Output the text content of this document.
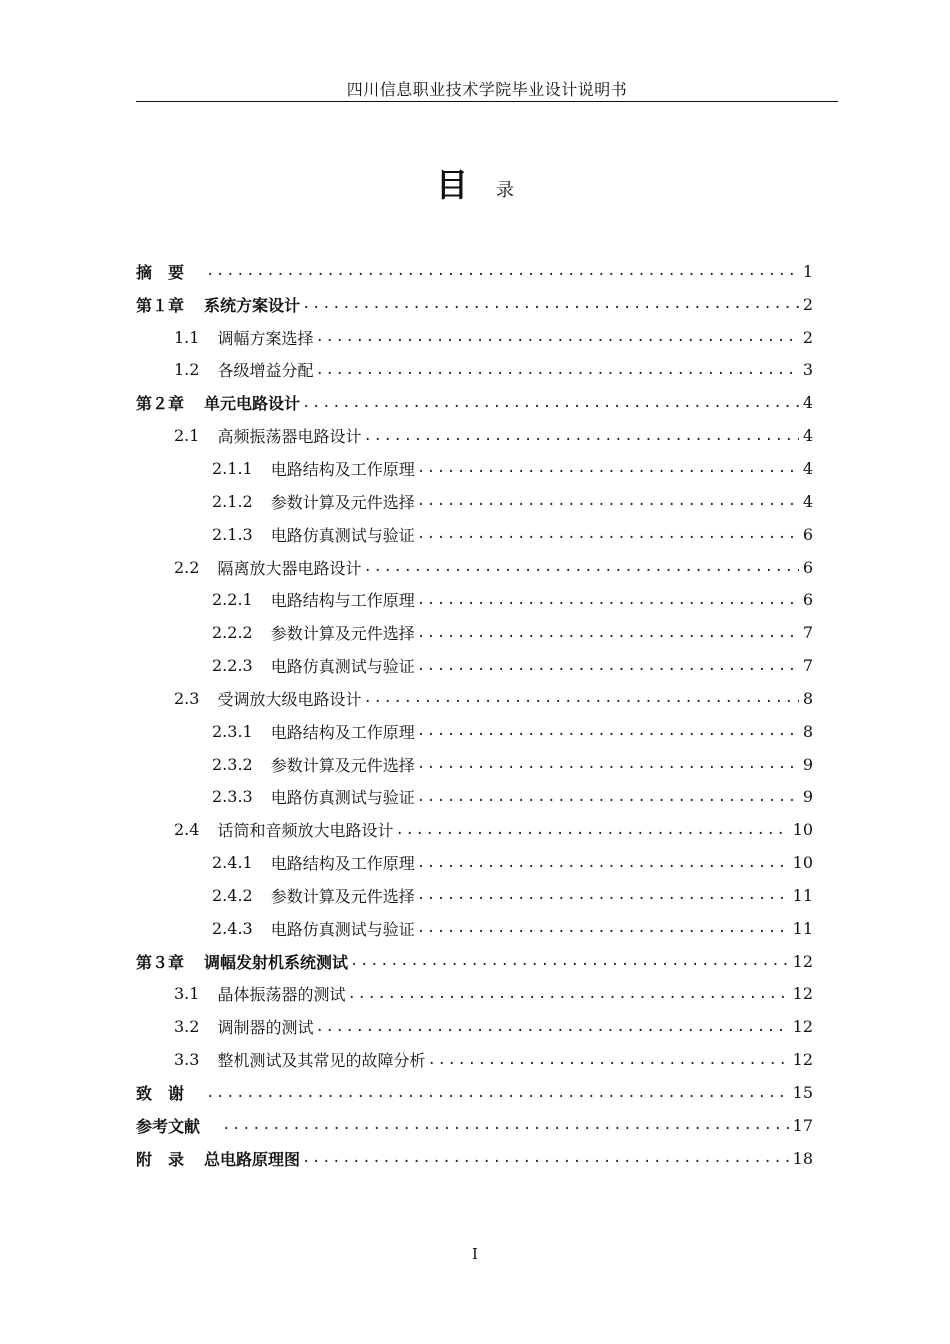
四川信息职业技术学院毕业设计说明书
目 录
摘　要 .....	1
第１章 系统方案设计 .....	2
1.1 调幅方案选择 .....	2
1.2 各级增益分配 .....	3
第２章 单元电路设计 .....	4
2.1 高频振荡器电路设计 .....	4
2.1.1 电路结构及工作原理 .....	4
2.1.2 参数计算及元件选择 .....	4
2.1.3 电路仿真测试与验证 .....	6
2.2 隔离放大器电路设计 .....	6
2.2.1 电路结构与工作原理 .....	6
2.2.2 参数计算及元件选择 .....	7
2.2.3 电路仿真测试与验证 .....	7
2.3 受调放大级电路设计 .....	8
2.3.1 电路结构及工作原理 .....	8
2.3.2 参数计算及元件选择 .....	9
2.3.3 电路仿真测试与验证 .....	9
2.4 话筒和音频放大电路设计 .....	10
2.4.1 电路结构及工作原理 .....	10
2.4.2 参数计算及元件选择 .....	11
2.4.3 电路仿真测试与验证 .....	11
第３章 调幅发射机系统测试 .....	12
3.1 晶体振荡器的测试 .....	12
3.2 调制器的测试 .....	12
3.3 整机测试及其常见的故障分析 .....	12
致　谢 .....	15
参考文献 .....	17
附　录 总电路原理图 .....	18
I
